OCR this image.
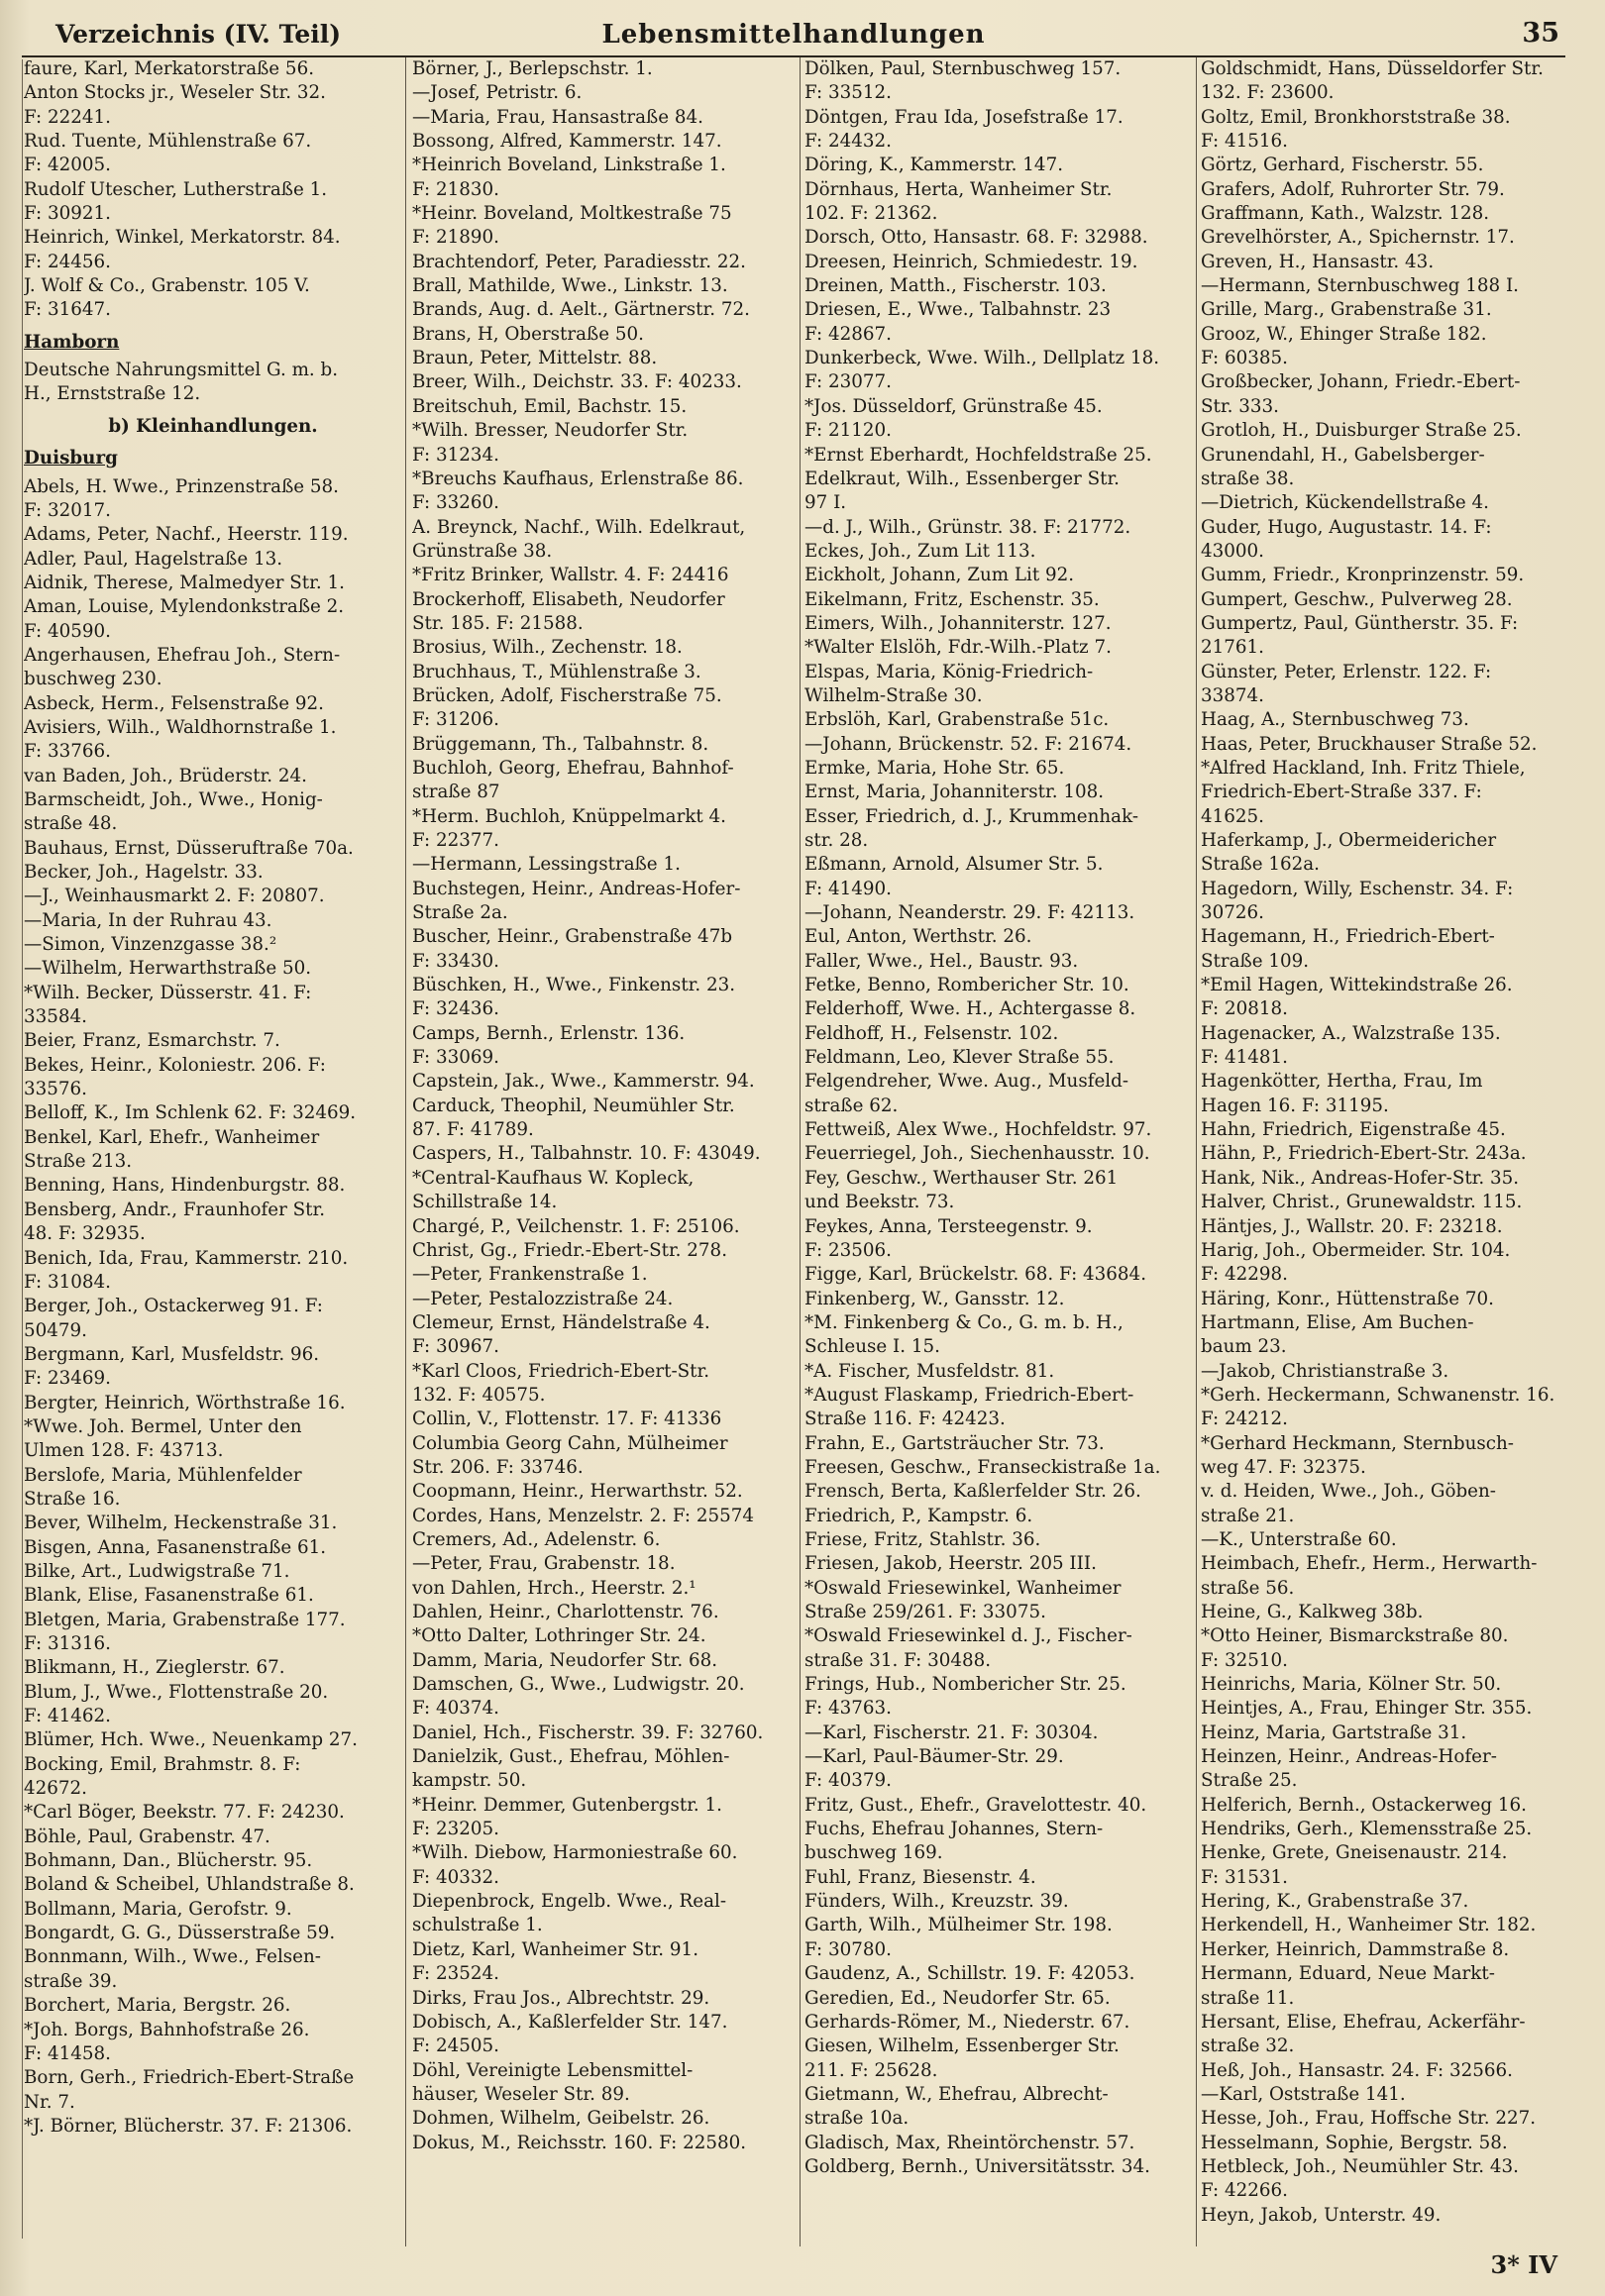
Verzeichnis (IV. Teil)	Lebensmittelhandlungen	35
faure, Karl, Merkatorstraße 56.
Anton Stocks jr., Weseler Str. 32.
F: 22241.
Rud. Tuente, Mühlenstraße 67.
F: 42005.
Rudolf Utescher, Lutherstraße 1.
F: 30921.
Heinrich, Winkel, Merkatorstr. 84.
F: 24456.
J. Wolf & Co., Grabenstr. 105 V.
F: 31647.
Hamborn
Deutsche Nahrungsmittel G. m. b.
H., Ernststraße 12.
b) Kleinhandlungen.
Duisburg
Abels, H. Wwe., Prinzenstraße 58.
F: 32017.
Adams, Peter, Nachf., Heerstr. 119.
Adler, Paul, Hagelstraße 13.
Aidnik, Therese, Malmedyer Str. 1.
Aman, Louise, Mylendonkstraße 2.
F: 40590.
Angerhausen, Ehefrau Joh., Stern-
buschweg 230.
Asbeck, Herm., Felsenstraße 92.
Avisiers, Wilh., Waldhornstraße 1.
F: 33766.
van Baden, Joh., Brüderstr. 24.
Barmscheidt, Joh., Wwe., Honig-
straße 48.
Bauhaus, Ernst, Düsseruftraße 70a.
Becker, Joh., Hagelstr. 33.
—J., Weinhausmarkt 2. F: 20807.
—Maria, In der Ruhrau 43.
—Simon, Vinzenzgasse 38.²
—Wilhelm, Herwarthstraße 50.
*Wilh. Becker, Düsserstr. 41. F:
33584.
Beier, Franz, Esmarchstr. 7.
Bekes, Heinr., Koloniestr. 206. F:
33576.
Belloff, K., Im Schlenk 62. F: 32469.
Benkel, Karl, Ehefr., Wanheimer
Straße 213.
Benning, Hans, Hindenburgstr. 88.
Bensberg, Andr., Fraunhofer Str.
48. F: 32935.
Benich, Ida, Frau, Kammerstr. 210.
F: 31084.
Berger, Joh., Ostackerweg 91. F:
50479.
Bergmann, Karl, Musfeldstr. 96.
F: 23469.
Bergter, Heinrich, Wörthstraße 16.
*Wwe. Joh. Bermel, Unter den
Ulmen 128. F: 43713.
Berslofe, Maria, Mühlenfelder
Straße 16.
Bever, Wilhelm, Heckenstraße 31.
Bisgen, Anna, Fasanenstraße 61.
Bilke, Art., Ludwigstraße 71.
Blank, Elise, Fasanenstraße 61.
Bletgen, Maria, Grabenstraße 177.
F: 31316.
Blikmann, H., Zieglerstr. 67.
Blum, J., Wwe., Flottenstraße 20.
F: 41462.
Blümer, Hch. Wwe., Neuenkamp 27.
Bocking, Emil, Brahmstr. 8. F:
42672.
*Carl Böger, Beekstr. 77. F: 24230.
Böhle, Paul, Grabenstr. 47.
Bohmann, Dan., Blücherstr. 95.
Boland & Scheibel, Uhlandstraße 8.
Bollmann, Maria, Gerofstr. 9.
Bongardt, G. G., Düsserstraße 59.
Bonnmann, Wilh., Wwe., Felsen-
straße 39.
Borchert, Maria, Bergstr. 26.
*Joh. Borgs, Bahnhofstraße 26.
F: 41458.
Born, Gerh., Friedrich-Ebert-Straße
Nr. 7.
*J. Börner, Blücherstr. 37. F: 21306.
Börner, J., Berlepschstr. 1.
—Josef, Petristr. 6.
—Maria, Frau, Hansastraße 84.
Bossong, Alfred, Kammerstr. 147.
*Heinrich Boveland, Linkstraße 1.
F: 21830.
*Heinr. Boveland, Moltkestraße 75
F: 21890.
Brachtendorf, Peter, Paradiesstr. 22.
Brall, Mathilde, Wwe., Linkstr. 13.
Brands, Aug. d. Aelt., Gärtnerstr. 72.
Brans, H, Oberstraße 50.
Braun, Peter, Mittelstr. 88.
Breer, Wilh., Deichstr. 33. F: 40233.
Breitschuh, Emil, Bachstr. 15.
*Wilh. Bresser, Neudorfer Str.
F: 31234.
*Breuchs Kaufhaus, Erlenstraße 86.
F: 33260.
A. Breynck, Nachf., Wilh. Edelkraut,
Grünstraße 38.
*Fritz Brinker, Wallstr. 4. F: 24416
Brockerhoff, Elisabeth, Neudorfer
Str. 185. F: 21588.
Brosius, Wilh., Zechenstr. 18.
Bruchhaus, T., Mühlenstraße 3.
Brücken, Adolf, Fischerstraße 75.
F: 31206.
Brüggemann, Th., Talbahnstr. 8.
Buchloh, Georg, Ehefrau, Bahnhof-
straße 87
*Herm. Buchloh, Knüppelmarkt 4.
F: 22377.
—Hermann, Lessingstraße 1.
Buchstegen, Heinr., Andreas-Hofer-
Straße 2a.
Buscher, Heinr., Grabenstraße 47b
F: 33430.
Büschken, H., Wwe., Finkenstr. 23.
F: 32436.
Camps, Bernh., Erlenstr. 136.
F: 33069.
Capstein, Jak., Wwe., Kammerstr. 94.
Carduck, Theophil, Neumühler Str.
87. F: 41789.
Caspers, H., Talbahnstr. 10. F: 43049.
*Central-Kaufhaus W. Kopleck,
Schillstraße 14.
Chargé, P., Veilchenstr. 1. F: 25106.
Christ, Gg., Friedr.-Ebert-Str. 278.
—Peter, Frankenstraße 1.
—Peter, Pestalozzistraße 24.
Clemeur, Ernst, Händelstraße 4.
F: 30967.
*Karl Cloos, Friedrich-Ebert-Str.
132. F: 40575.
Collin, V., Flottenstr. 17. F: 41336
Columbia Georg Cahn, Mülheimer
Str. 206. F: 33746.
Coopmann, Heinr., Herwarthstr. 52.
Cordes, Hans, Menzelstr. 2. F: 25574
Cremers, Ad., Adelenstr. 6.
—Peter, Frau, Grabenstr. 18.
von Dahlen, Hrch., Heerstr. 2.¹
Dahlen, Heinr., Charlottenstr. 76.
*Otto Dalter, Lothringer Str. 24.
Damm, Maria, Neudorfer Str. 68.
Damschen, G., Wwe., Ludwigstr. 20.
F: 40374.
Daniel, Hch., Fischerstr. 39. F: 32760.
Danielzik, Gust., Ehefrau, Möhlen-
kampstr. 50.
*Heinr. Demmer, Gutenbergstr. 1.
F: 23205.
*Wilh. Diebow, Harmoniestraße 60.
F: 40332.
Diepenbrock, Engelb. Wwe., Real-
schulstraße 1.
Dietz, Karl, Wanheimer Str. 91.
F: 23524.
Dirks, Frau Jos., Albrechtstr. 29.
Dobisch, A., Kaßlerfelder Str. 147.
F: 24505.
Döhl, Vereinigte Lebensmittel-
häuser, Weseler Str. 89.
Dohmen, Wilhelm, Geibelstr. 26.
Dokus, M., Reichsstr. 160. F: 22580.
Dölken, Paul, Sternbuschweg 157.
F: 33512.
Döntgen, Frau Ida, Josefstraße 17.
F: 24432.
Döring, K., Kammerstr. 147.
Dörnhaus, Herta, Wanheimer Str.
102. F: 21362.
Dorsch, Otto, Hansastr. 68. F: 32988.
Dreesen, Heinrich, Schmiedestr. 19.
Dreinen, Matth., Fischerstr. 103.
Driesen, E., Wwe., Talbahnstr. 23
F: 42867.
Dunkerbeck, Wwe. Wilh., Dellplatz 18.
F: 23077.
*Jos. Düsseldorf, Grünstraße 45.
F: 21120.
*Ernst Eberhardt, Hochfeldstraße 25.
Edelkraut, Wilh., Essenberger Str.
97 I.
—d. J., Wilh., Grünstr. 38. F: 21772.
Eckes, Joh., Zum Lit 113.
Eickholt, Johann, Zum Lit 92.
Eikelmann, Fritz, Eschenstr. 35.
Eimers, Wilh., Johanniterstr. 127.
*Walter Elslöh, Fdr.-Wilh.-Platz 7.
Elspas, Maria, König-Friedrich-
Wilhelm-Straße 30.
Erbslöh, Karl, Grabenstraße 51c.
—Johann, Brückenstr. 52. F: 21674.
Ermke, Maria, Hohe Str. 65.
Ernst, Maria, Johanniterstr. 108.
Esser, Friedrich, d. J., Krummenhak-
str. 28.
Eßmann, Arnold, Alsumer Str. 5.
F: 41490.
—Johann, Neanderstr. 29. F: 42113.
Eul, Anton, Werthstr. 26.
Faller, Wwe., Hel., Baustr. 93.
Fetke, Benno, Rombericher Str. 10.
Felderhoff, Wwe. H., Achtergasse 8.
Feldhoff, H., Felsenstr. 102.
Feldmann, Leo, Klever Straße 55.
Felgendreher, Wwe. Aug., Musfeld-
straße 62.
Fettweiß, Alex Wwe., Hochfeldstr. 97.
Feuerriegel, Joh., Siechenhausstr. 10.
Fey, Geschw., Werthauser Str. 261
und Beekstr. 73.
Feykes, Anna, Tersteegenstr. 9.
F: 23506.
Figge, Karl, Brückelstr. 68. F: 43684.
Finkenberg, W., Gansstr. 12.
*M. Finkenberg & Co., G. m. b. H.,
Schleuse I. 15.
*A. Fischer, Musfeldstr. 81.
*August Flaskamp, Friedrich-Ebert-
Straße 116. F: 42423.
Frahn, E., Gartsträucher Str. 73.
Freesen, Geschw., Franseckistraße 1a.
Frensch, Berta, Kaßlerfelder Str. 26.
Friedrich, P., Kampstr. 6.
Friese, Fritz, Stahlstr. 36.
Friesen, Jakob, Heerstr. 205 III.
*Oswald Friesewinkel, Wanheimer
Straße 259/261. F: 33075.
*Oswald Friesewinkel d. J., Fischer-
straße 31. F: 30488.
Frings, Hub., Nombericher Str. 25.
F: 43763.
—Karl, Fischerstr. 21. F: 30304.
—Karl, Paul-Bäumer-Str. 29.
F: 40379.
Fritz, Gust., Ehefr., Gravelottestr. 40.
Fuchs, Ehefrau Johannes, Stern-
buschweg 169.
Fuhl, Franz, Biesenstr. 4.
Fünders, Wilh., Kreuzstr. 39.
Garth, Wilh., Mülheimer Str. 198.
F: 30780.
Gaudenz, A., Schillstr. 19. F: 42053.
Geredien, Ed., Neudorfer Str. 65.
Gerhards-Römer, M., Niederstr. 67.
Giesen, Wilhelm, Essenberger Str.
211. F: 25628.
Gietmann, W., Ehefrau, Albrecht-
straße 10a.
Gladisch, Max, Rheintörchenstr. 57.
Goldberg, Bernh., Universitätsstr. 34.
Goldschmidt, Hans, Düsseldorfer Str.
132. F: 23600.
Goltz, Emil, Bronkhorststraße 38.
F: 41516.
Görtz, Gerhard, Fischerstr. 55.
Grafers, Adolf, Ruhrorter Str. 79.
Graffmann, Kath., Walzstr. 128.
Grevelhörster, A., Spichernstr. 17.
Greven, H., Hansastr. 43.
—Hermann, Sternbuschweg 188 I.
Grille, Marg., Grabenstraße 31.
Grooz, W., Ehinger Straße 182.
F: 60385.
Großbecker, Johann, Friedr.-Ebert-
Str. 333.
Grotloh, H., Duisburger Straße 25.
Grunendahl, H., Gabelsberger-
straße 38.
—Dietrich, Kückendellstraße 4.
Guder, Hugo, Augustastr. 14. F:
43000.
Gumm, Friedr., Kronprinzenstr. 59.
Gumpert, Geschw., Pulverweg 28.
Gumpertz, Paul, Güntherstr. 35. F:
21761.
Günster, Peter, Erlenstr. 122. F:
33874.
Haag, A., Sternbuschweg 73.
Haas, Peter, Bruckhauser Straße 52.
*Alfred Hackland, Inh. Fritz Thiele,
Friedrich-Ebert-Straße 337. F:
41625.
Haferkamp, J., Obermeidericher
Straße 162a.
Hagedorn, Willy, Eschenstr. 34. F:
30726.
Hagemann, H., Friedrich-Ebert-
Straße 109.
*Emil Hagen, Wittekindstraße 26.
F: 20818.
Hagenacker, A., Walzstraße 135.
F: 41481.
Hagenkötter, Hertha, Frau, Im
Hagen 16. F: 31195.
Hahn, Friedrich, Eigenstraße 45.
Hähn, P., Friedrich-Ebert-Str. 243a.
Hank, Nik., Andreas-Hofer-Str. 35.
Halver, Christ., Grunewaldstr. 115.
Häntjes, J., Wallstr. 20. F: 23218.
Harig, Joh., Obermeider. Str. 104.
F: 42298.
Häring, Konr., Hüttenstraße 70.
Hartmann, Elise, Am Buchen-
baum 23.
—Jakob, Christianstraße 3.
*Gerh. Heckermann, Schwanenstr. 16.
F: 24212.
*Gerhard Heckmann, Sternbusch-
weg 47. F: 32375.
v. d. Heiden, Wwe., Joh., Göben-
straße 21.
—K., Unterstraße 60.
Heimbach, Ehefr., Herm., Herwarth-
straße 56.
Heine, G., Kalkweg 38b.
*Otto Heiner, Bismarckstraße 80.
F: 32510.
Heinrichs, Maria, Kölner Str. 50.
Heintjes, A., Frau, Ehinger Str. 355.
Heinz, Maria, Gartstraße 31.
Heinzen, Heinr., Andreas-Hofer-
Straße 25.
Helferich, Bernh., Ostackerweg 16.
Hendriks, Gerh., Klemensstraße 25.
Henke, Grete, Gneisenaustr. 214.
F: 31531.
Hering, K., Grabenstraße 37.
Herkendell, H., Wanheimer Str. 182.
Herker, Heinrich, Dammstraße 8.
Hermann, Eduard, Neue Markt-
straße 11.
Hersant, Elise, Ehefrau, Ackerfähr-
straße 32.
Heß, Joh., Hansastr. 24. F: 32566.
—Karl, Oststraße 141.
Hesse, Joh., Frau, Hoffsche Str. 227.
Hesselmann, Sophie, Bergstr. 58.
Hetbleck, Joh., Neumühler Str. 43.
F: 42266.
Heyn, Jakob, Unterstr. 49.
3* IV
